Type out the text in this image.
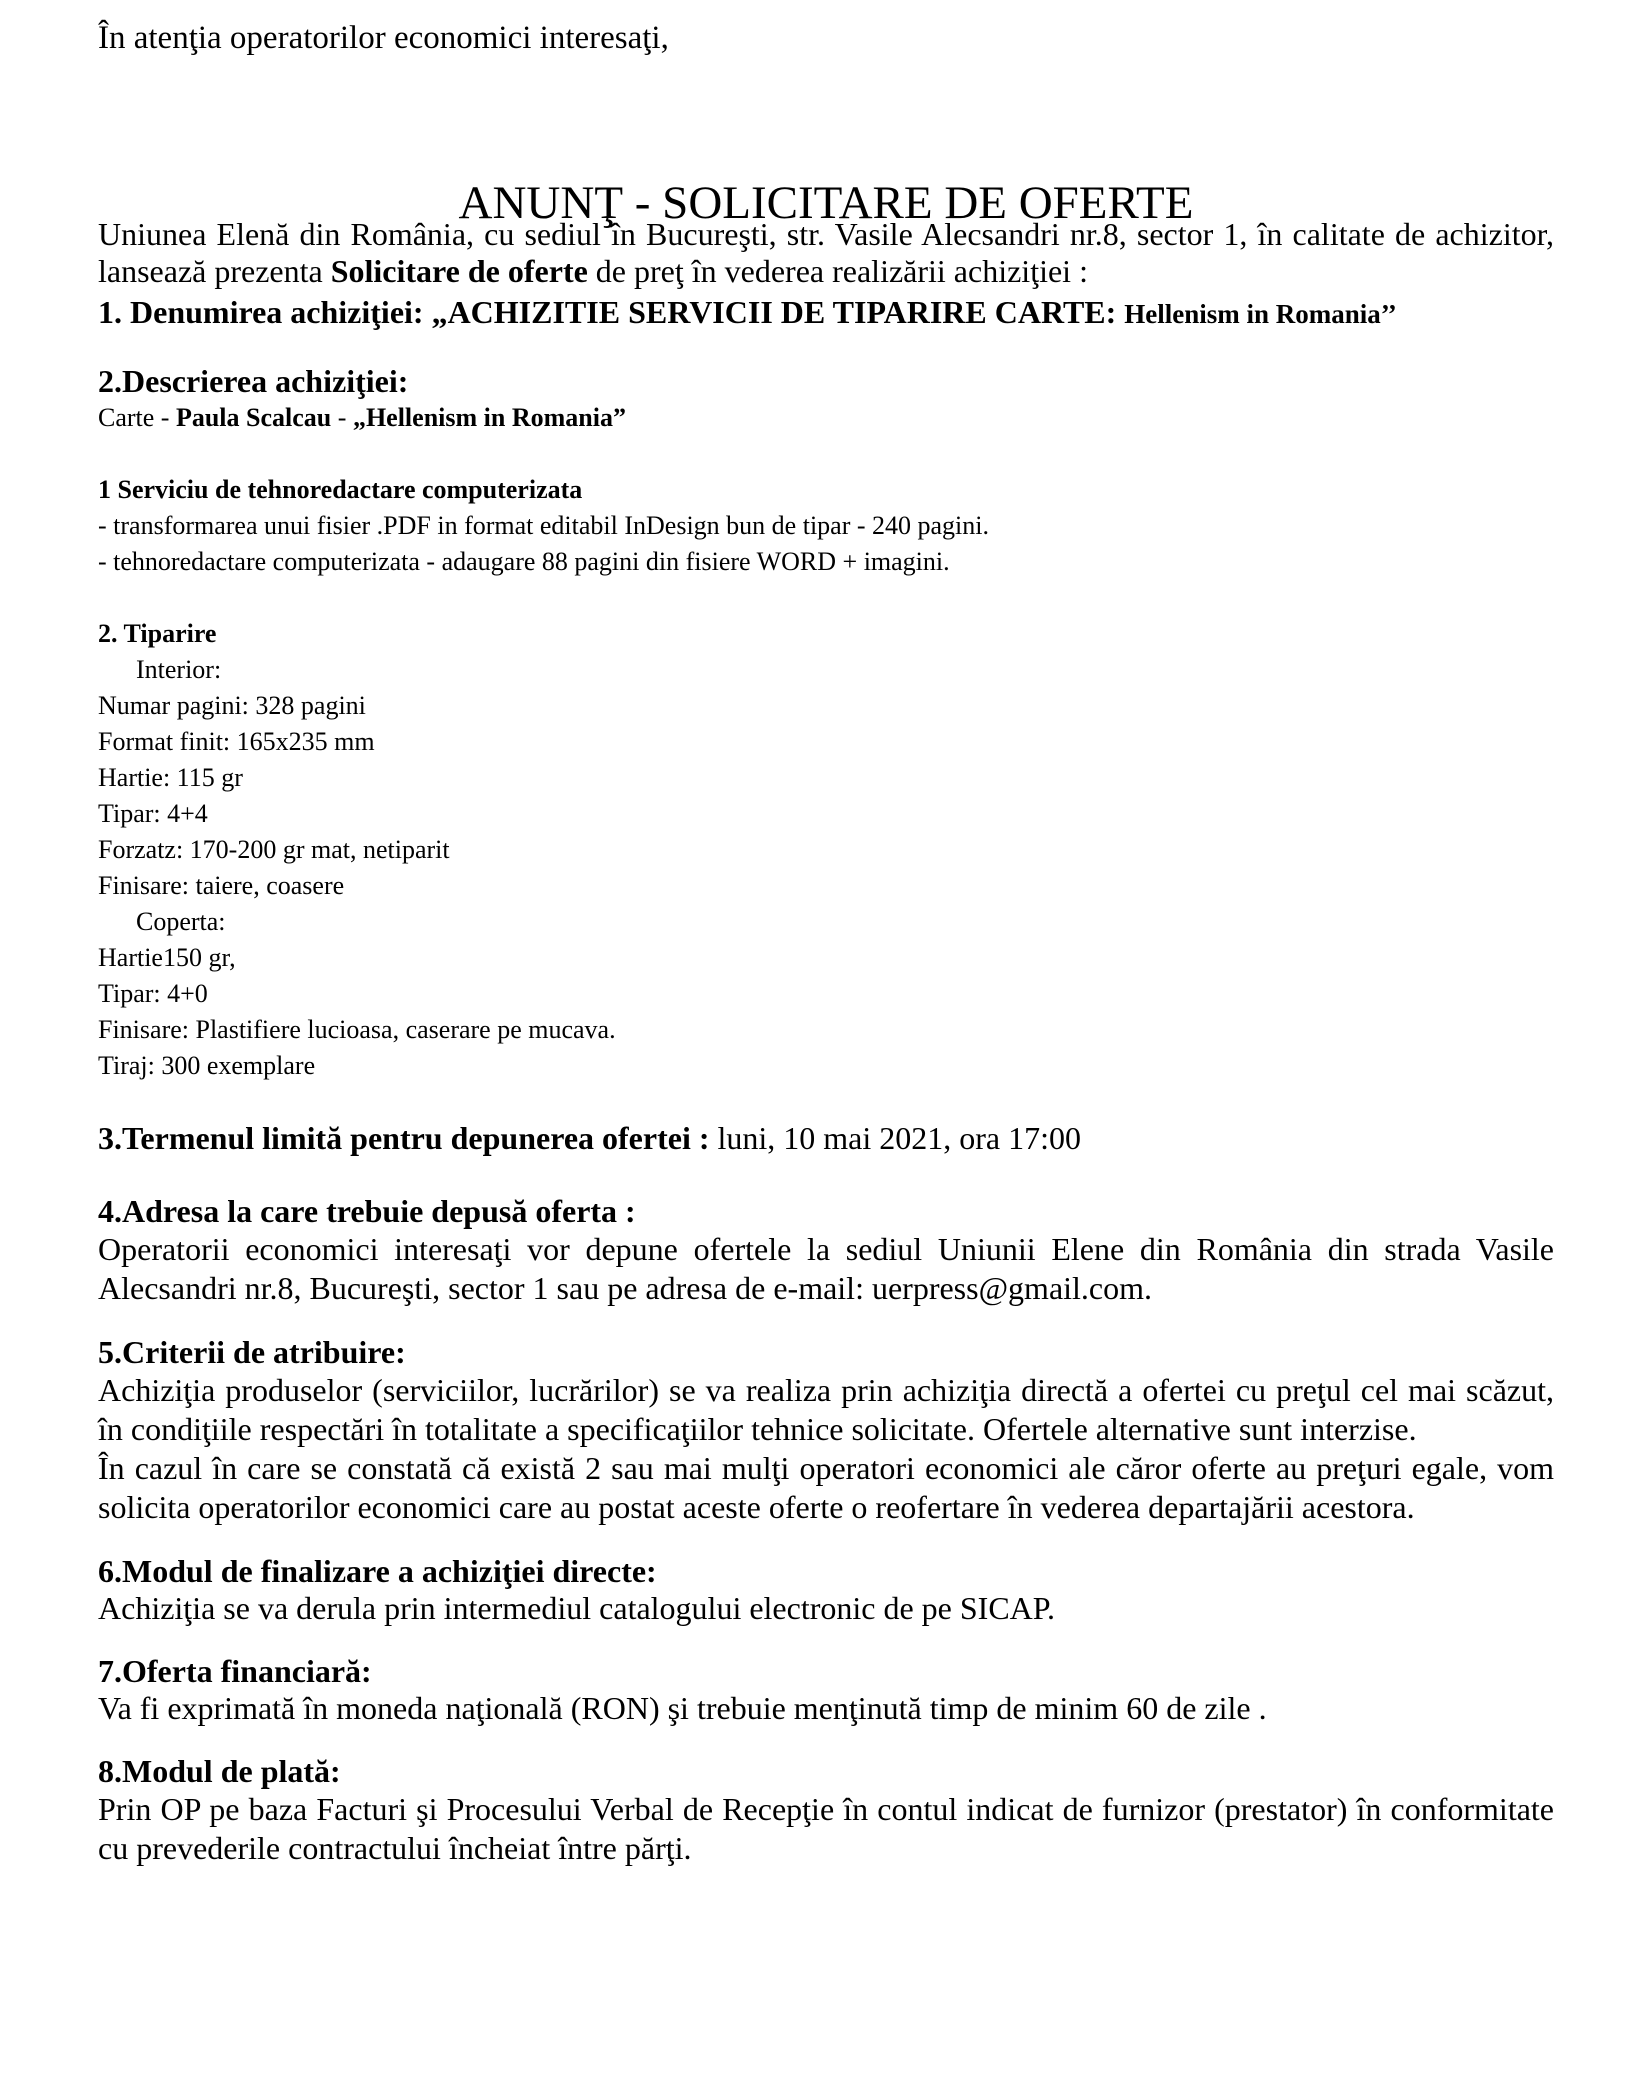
În atenţia operatorilor economici interesaţi,

ANUNŢ - SOLICITARE DE OFERTE

Uniunea Elenă din România, cu sediul în Bucureşti, str. Vasile Alecsandri nr.8, sector 1, în calitate de achizitor, lansează prezenta Solicitare de oferte de preţ în vederea realizării achiziţiei :

1. Denumirea achiziţiei: „ACHIZITIE SERVICII DE TIPARIRE CARTE: Hellenism in Romania’’

2.Descrierea achiziţiei:

Carte - Paula Scalcau - „Hellenism in Romania”

1 Serviciu de tehnoredactare computerizata

- transformarea unui fisier .PDF in format editabil InDesign bun de tipar - 240 pagini.

- tehnoredactare computerizata - adaugare 88 pagini din fisiere WORD + imagini.

2. Tiparire

Interior:

Numar pagini: 328 pagini

Format finit: 165x235 mm

Hartie: 115 gr

Tipar: 4+4

Forzatz: 170-200 gr mat, netiparit

Finisare: taiere, coasere

Coperta:

Hartie150 gr,

Tipar: 4+0

Finisare: Plastifiere lucioasa, caserare pe mucava.

Tiraj: 300 exemplare

3.Termenul limită pentru depunerea ofertei : luni, 10 mai 2021, ora 17:00

4.Adresa la care trebuie depusă oferta :

Operatorii economici interesaţi vor depune ofertele la sediul Uniunii Elene din România din strada Vasile Alecsandri nr.8, Bucureşti, sector 1 sau pe adresa de e-mail: uerpress@gmail.com.

5.Criterii de atribuire:

Achiziţia produselor (serviciilor, lucrărilor) se va realiza prin achiziţia directă a ofertei cu preţul cel mai scăzut, în condiţiile respectări în totalitate a specificaţiilor tehnice solicitate. Ofertele alternative sunt interzise.

În cazul în care se constată că există 2 sau mai mulţi operatori economici ale căror oferte au preţuri egale, vom solicita operatorilor economici care au postat aceste oferte o reofertare în vederea departajării acestora.

6.Modul de finalizare a achiziţiei directe:

Achiziţia se va derula prin intermediul catalogului electronic de pe SICAP.

7.Oferta financiară:

Va fi exprimată în moneda naţională (RON) şi trebuie menţinută timp de minim 60 de zile .

8.Modul de plată:

Prin OP pe baza Facturi şi Procesului Verbal de Recepţie în contul indicat de furnizor (prestator) în conformitate cu prevederile contractului încheiat între părţi.
